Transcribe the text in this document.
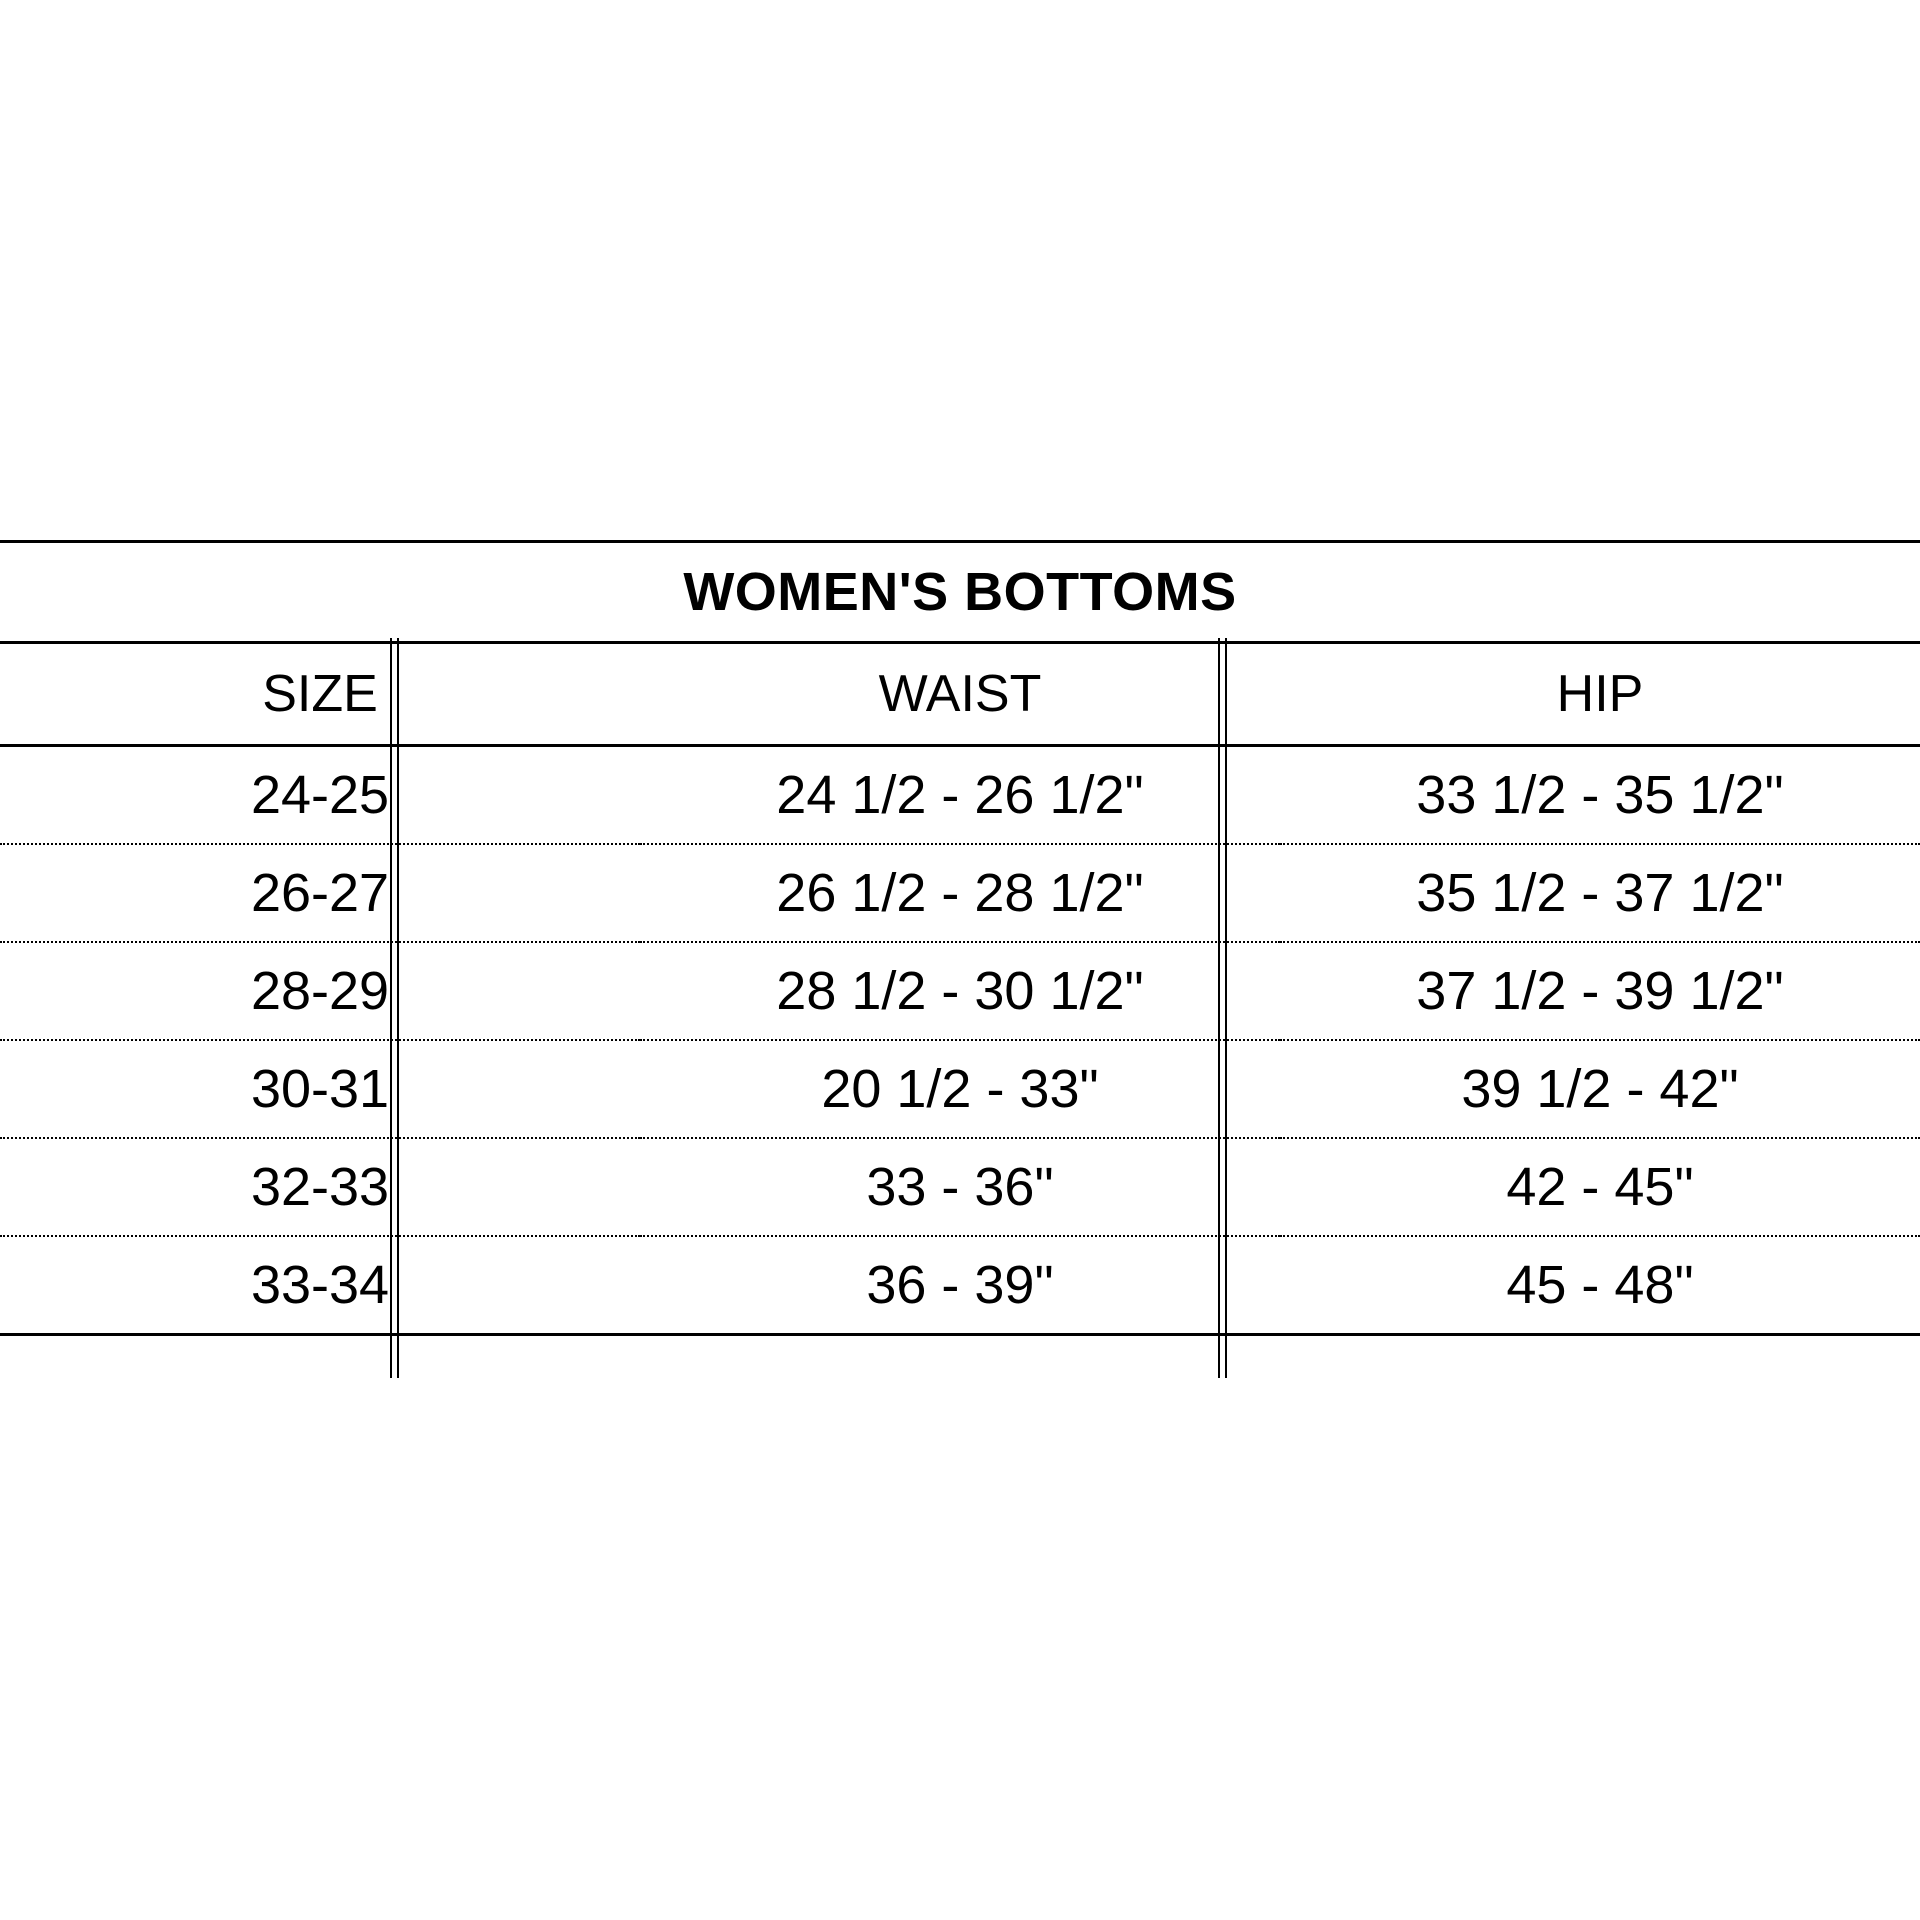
WOMEN'S BOTTOMS		
SIZE	WAIST	HIP
24-25	24 1/2 - 26 1/2"	33 1/2 - 35 1/2"
26-27	26 1/2 - 28 1/2"	35 1/2 - 37 1/2"
28-29	28 1/2 - 30 1/2"	37 1/2 - 39 1/2"
30-31	20 1/2 - 33"	39 1/2 - 42"
32-33	33 - 36"	42 - 45"
33-34	36 - 39"	45 - 48"
